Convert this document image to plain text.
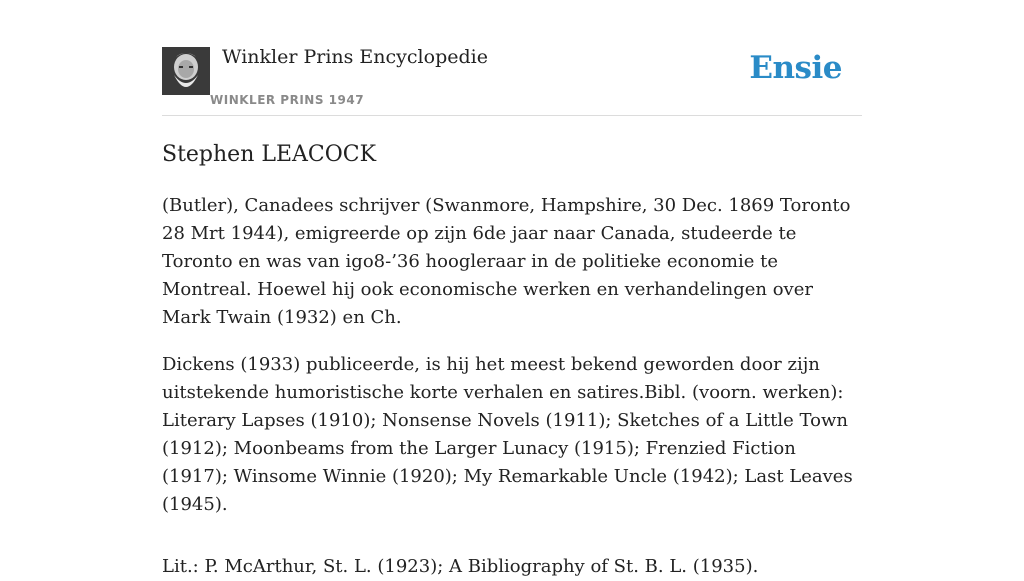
Winkler Prins Encyclopedie
WINKLER PRINS 1947
Ensie
Stephen LEACOCK

(Butler), Canadees schrijver (Swanmore, Hampshire, 30 Dec. 1869 Toronto 28 Mrt 1944), emigreerde op zijn 6de jaar naar Canada, studeerde te Toronto en was van igo8-’36 hoogleraar in de politieke economie te Montreal. Hoewel hij ook economische werken en verhandelingen over Mark Twain (1932) en Ch.

Dickens (1933) publiceerde, is hij het meest bekend geworden door zijn uitstekende humoristische korte verhalen en satires.Bibl. (voorn. werken): Literary Lapses (1910); Nonsense Novels (1911); Sketches of a Little Town (1912); Moonbeams from the Larger Lunacy (1915); Frenzied Fiction (1917); Winsome Winnie (1920); My Remarkable Uncle (1942); Last Leaves (1945).

Lit.: P. McArthur, St. L. (1923); A Bibliography of St. B. L. (1935).
